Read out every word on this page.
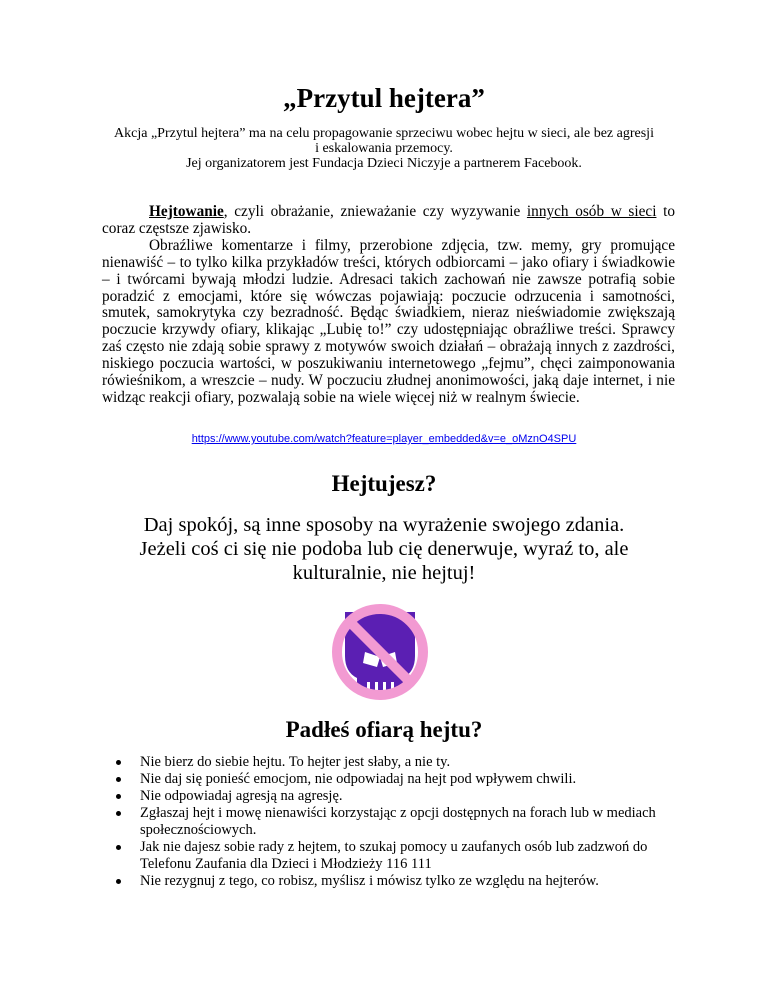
„Przytul hejtera”
Akcja „Przytul hejtera” ma na celu propagowanie sprzeciwu wobec hejtu w sieci, ale bez agresji
i eskalowania przemocy.
Jej organizatorem jest Fundacja Dzieci Niczyje a partnerem Facebook.

Hejtowanie, czyli obrażanie, znieważanie czy wyzywanie innych osób w sieci to coraz częstsze zjawisko.

Obraźliwe komentarze i filmy, przerobione zdjęcia, tzw. memy, gry promujące nienawiść – to tylko kilka przykładów treści, których odbiorcami – jako ofiary i świadkowie – i twórcami bywają młodzi ludzie. Adresaci takich zachowań nie zawsze potrafią sobie poradzić z emocjami, które się wówczas pojawiają: poczucie odrzucenia i samotności, smutek, samokrytyka czy bezradność. Będąc świadkiem, nieraz nieświadomie zwiększają poczucie krzywdy ofiary, klikając „Lubię to!” czy udostępniając obraźliwe treści. Sprawcy zaś często nie zdają sobie sprawy z motywów swoich działań – obrażają innych z zazdrości, niskiego poczucia wartości, w poszukiwaniu internetowego „fejmu”, chęci zaimponowania rówieśnikom, a wreszcie – nudy. W poczuciu złudnej anonimowości, jaką daje internet, i nie widząc reakcji ofiary, pozwalają sobie na wiele więcej niż w realnym świecie.

https://www.youtube.com/watch?feature=player_embedded&v=e_oMznO4SPU
Hejtujesz?
Daj spokój, są inne sposoby na wyrażenie swojego zdania.
Jeżeli coś ci się nie podoba lub cię denerwuje, wyraź to, ale
kulturalnie, nie hejtuj!
Padłeś ofiarą hejtu?
Nie bierz do siebie hejtu. To hejter jest słaby, a nie ty.
Nie daj się ponieść emocjom, nie odpowiadaj na hejt pod wpływem chwili.
Nie odpowiadaj agresją na agresję.
Zgłaszaj hejt i mowę nienawiści korzystając z opcji dostępnych na forach lub w mediach społecznościowych.
Jak nie dajesz sobie rady z hejtem, to szukaj pomocy u zaufanych osób lub zadzwoń do Telefonu Zaufania dla Dzieci i Młodzieży 116 111
Nie rezygnuj z tego, co robisz, myślisz i mówisz tylko ze względu na hejterów.
